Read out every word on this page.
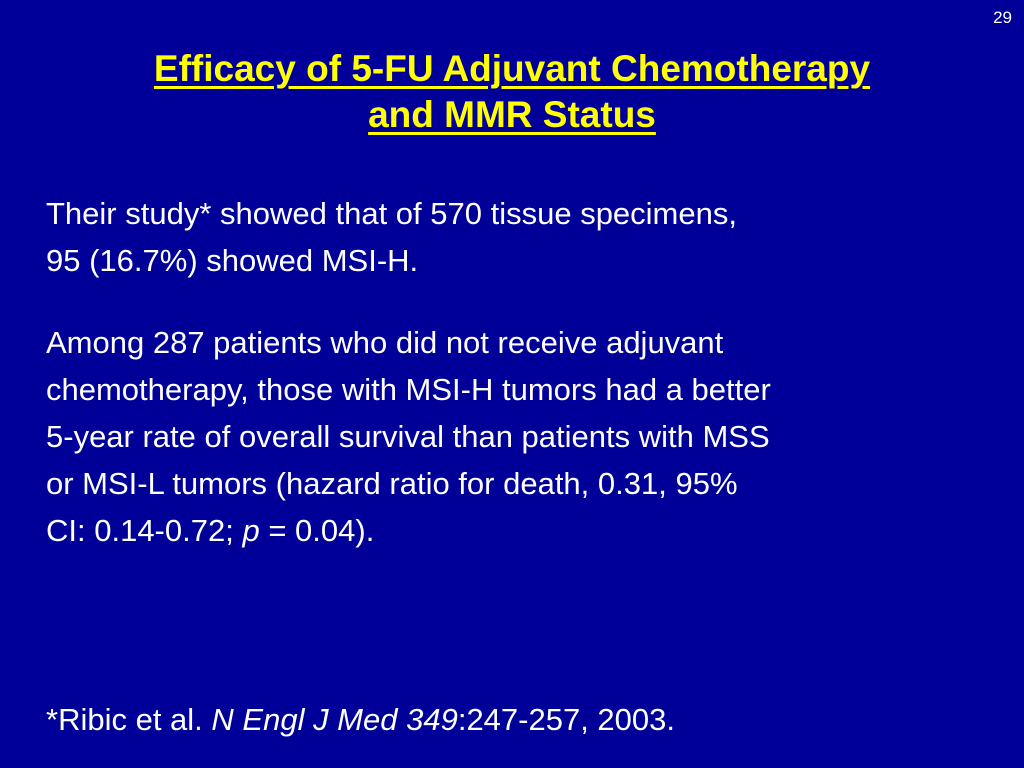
29
Efficacy of 5-FU Adjuvant Chemotherapy
and MMR Status
Their study* showed that of 570 tissue specimens,
95 (16.7%) showed MSI-H.
Among 287 patients who did not receive adjuvant
chemotherapy, those with MSI-H tumors had a better
5-year rate of overall survival than patients with MSS
or MSI-L tumors (hazard ratio for death, 0.31, 95%
CI: 0.14-0.72; p = 0.04).
*Ribic et al. N Engl J Med 349:247-257, 2003.
